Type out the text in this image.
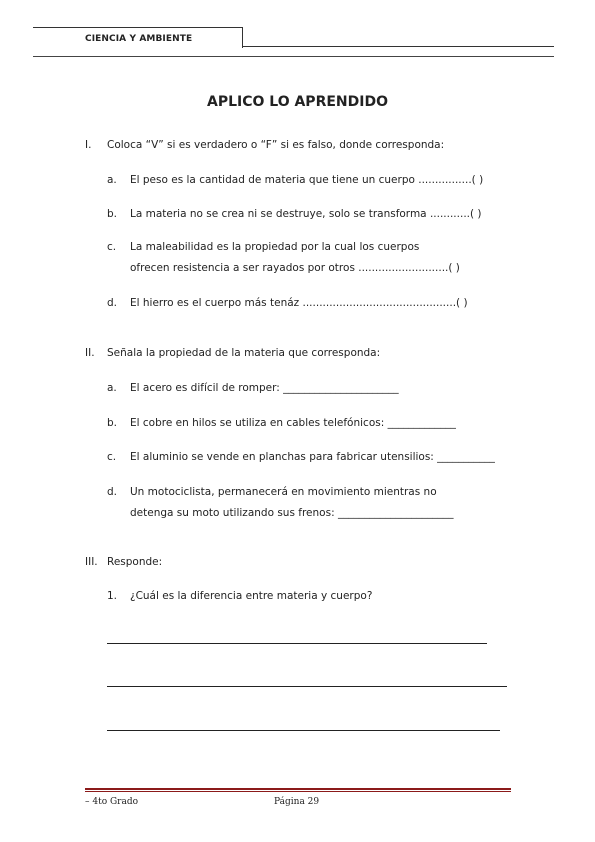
CIENCIA Y AMBIENTE
APLICO LO APRENDIDO
I. Coloca “V” si es verdadero o “F” si es falso, donde corresponda:
a. El peso es la cantidad de materia que tiene un cuerpo ................( )
b. La materia no se crea ni se destruye, solo se transforma ............( )
c. La maleabilidad es la propiedad por la cual los cuerpos
ofrecen resistencia a ser rayados por otros ...........................( )
d. El hierro es el cuerpo más tenáz ..............................................( )
II. Señala la propiedad de la materia que corresponda:
a. El acero es difícil de romper: ______________________
b. El cobre en hilos se utiliza en cables telefónicos: _____________
c. El aluminio se vende en planchas para fabricar utensilios: ___________
d. Un motociclista, permanecerá en movimiento mientras no
detenga su moto utilizando sus frenos: ______________________
III. Responde:
1. ¿Cuál es la diferencia entre materia y cuerpo?
– 4to Grado	Página 29
